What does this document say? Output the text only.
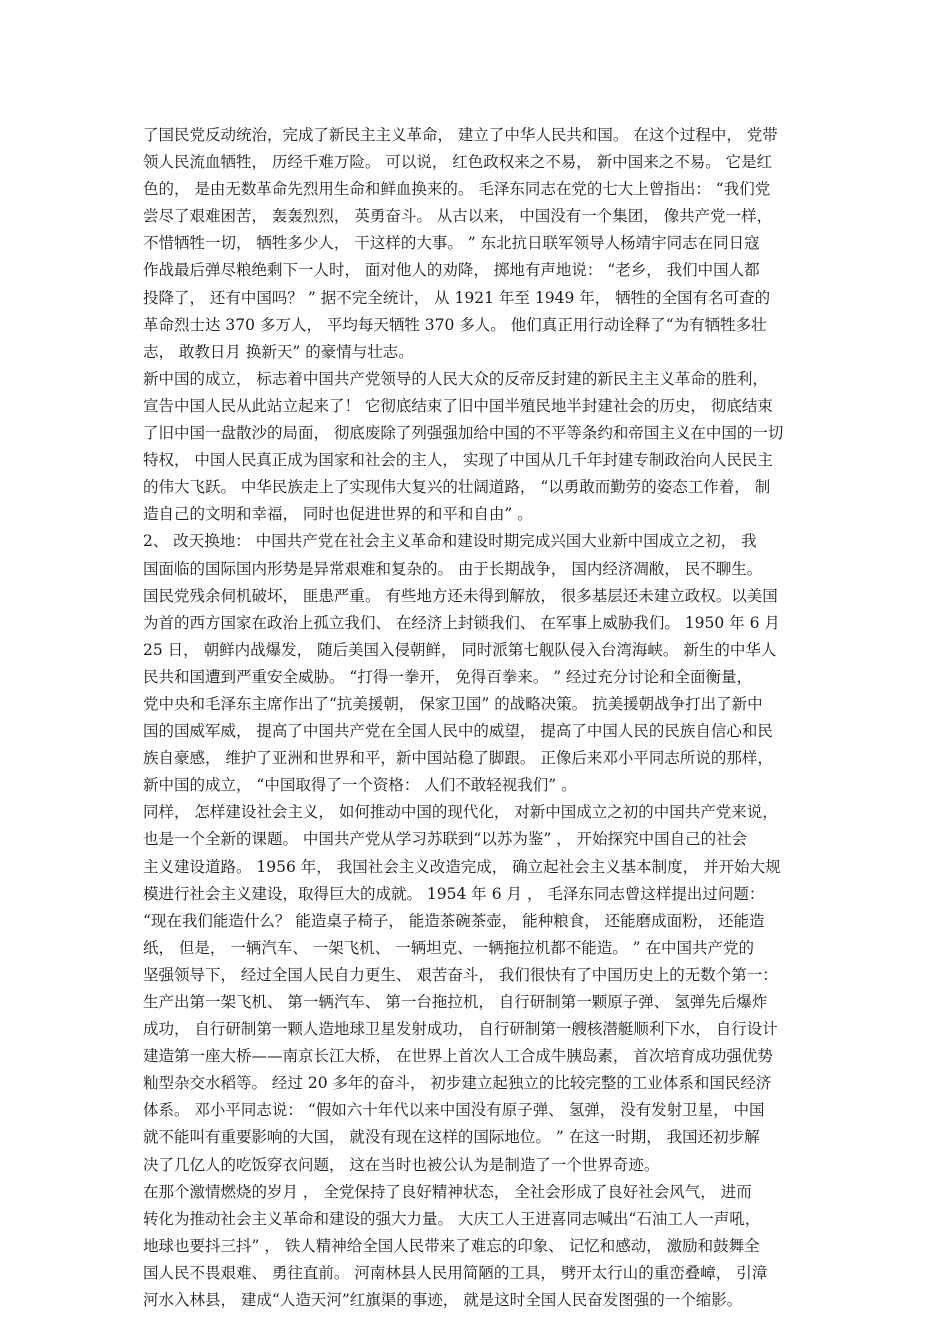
了国民党反动统治，完成了新民主主义革命， 建立了中华人民共和国。 在这个过程中， 党带
领人民流血牺牲， 历经千难万险。 可以说， 红色政权来之不易， 新中国来之不易。 它是红
色的， 是由无数革命先烈用生命和鲜血换来的。 毛泽东同志在党的七大上曾指出： “我们党
尝尽了艰难困苦， 轰轰烈烈， 英勇奋斗。 从古以来， 中国没有一个集团， 像共产党一样，
不惜牺牲一切， 牺牲多少人， 干这样的大事。 ” 东北抗日联军领导人杨靖宇同志在同日寇
作战最后弹尽粮绝剩下一人时， 面对他人的劝降， 掷地有声地说： “老乡， 我们中国人都
投降了， 还有中国吗？ ” 据不完全统计， 从 1921 年至 1949 年， 牺牲的全国有名可查的
革命烈士达 370 多万人， 平均每天牺牲 370 多人。 他们真正用行动诠释了“为有牺牲多壮
志， 敢教日月 换新天” 的豪情与壮志。
新中国的成立， 标志着中国共产党领导的人民大众的反帝反封建的新民主主义革命的胜利，
宣告中国人民从此站立起来了！ 它彻底结束了旧中国半殖民地半封建社会的历史， 彻底结束
了旧中国一盘散沙的局面， 彻底废除了列强强加给中国的不平等条约和帝国主义在中国的一切
特权， 中国人民真正成为国家和社会的主人， 实现了中国从几千年封建专制政治向人民民主
的伟大飞跃。 中华民族走上了实现伟大复兴的壮阔道路， “以勇敢而勤劳的姿态工作着， 制
造自己的文明和幸福， 同时也促进世界的和平和自由” 。
2、 改天换地： 中国共产党在社会主义革命和建设时期完成兴国大业新中国成立之初， 我
国面临的国际国内形势是异常艰难和复杂的。 由于长期战争， 国内经济凋敝， 民不聊生。
国民党残余伺机破坏， 匪患严重。 有些地方还未得到解放， 很多基层还未建立政权。以美国
为首的西方国家在政治上孤立我们、 在经济上封锁我们、 在军事上威胁我们。 1950 年 6 月
25 日， 朝鲜内战爆发， 随后美国入侵朝鲜， 同时派第七舰队侵入台湾海峡。 新生的中华人
民共和国遭到严重安全威胁。 “打得一拳开， 免得百拳来。 ” 经过充分讨论和全面衡量，
党中央和毛泽东主席作出了“抗美援朝， 保家卫国” 的战略决策。 抗美援朝战争打出了新中
国的国威军威， 提高了中国共产党在全国人民中的威望， 提高了中国人民的民族自信心和民
族自豪感， 维护了亚洲和世界和平，新中国站稳了脚跟。 正像后来邓小平同志所说的那样，
新中国的成立， “中国取得了一个资格： 人们不敢轻视我们” 。
同样， 怎样建设社会主义， 如何推动中国的现代化， 对新中国成立之初的中国共产党来说，
也是一个全新的课题。 中国共产党从学习苏联到“以苏为鉴” ， 开始探究中国自己的社会
主义建设道路。 1956 年， 我国社会主义改造完成， 确立起社会主义基本制度， 并开始大规
模进行社会主义建设，取得巨大的成就。 1954 年 6 月 ， 毛泽东同志曾这样提出过问题：
“现在我们能造什么？ 能造桌子椅子， 能造茶碗茶壶， 能种粮食， 还能磨成面粉， 还能造
纸， 但是， 一辆汽车、 一架飞机、 一辆坦克、一辆拖拉机都不能造。 ” 在中国共产党的
坚强领导下， 经过全国人民自力更生、 艰苦奋斗， 我们很快有了中国历史上的无数个第一：
生产出第一架飞机、 第一辆汽车、 第一台拖拉机， 自行研制第一颗原子弹、 氢弹先后爆炸
成功， 自行研制第一颗人造地球卫星发射成功， 自行研制第一艘核潜艇顺利下水， 自行设计
建造第一座大桥——南京长江大桥， 在世界上首次人工合成牛胰岛素， 首次培育成功强优势
籼型杂交水稻等。 经过 20 多年的奋斗， 初步建立起独立的比较完整的工业体系和国民经济
体系。 邓小平同志说： “假如六十年代以来中国没有原子弹、 氢弹， 没有发射卫星， 中国
就不能叫有重要影响的大国， 就没有现在这样的国际地位。 ” 在这一时期， 我国还初步解
决了几亿人的吃饭穿衣问题， 这在当时也被公认为是制造了一个世界奇迹。
在那个激情燃烧的岁月 ， 全党保持了良好精神状态， 全社会形成了良好社会风气， 进而
转化为推动社会主义革命和建设的强大力量。 大庆工人王进喜同志喊出“石油工人一声吼，
地球也要抖三抖” ， 铁人精神给全国人民带来了难忘的印象、 记忆和感动， 激励和鼓舞全
国人民不畏艰难、 勇往直前。 河南林县人民用简陋的工具， 劈开太行山的重峦叠嶂， 引漳
河水入林县， 建成“人造天河”红旗渠的事迹， 就是这时全国人民奋发图强的一个缩影。
